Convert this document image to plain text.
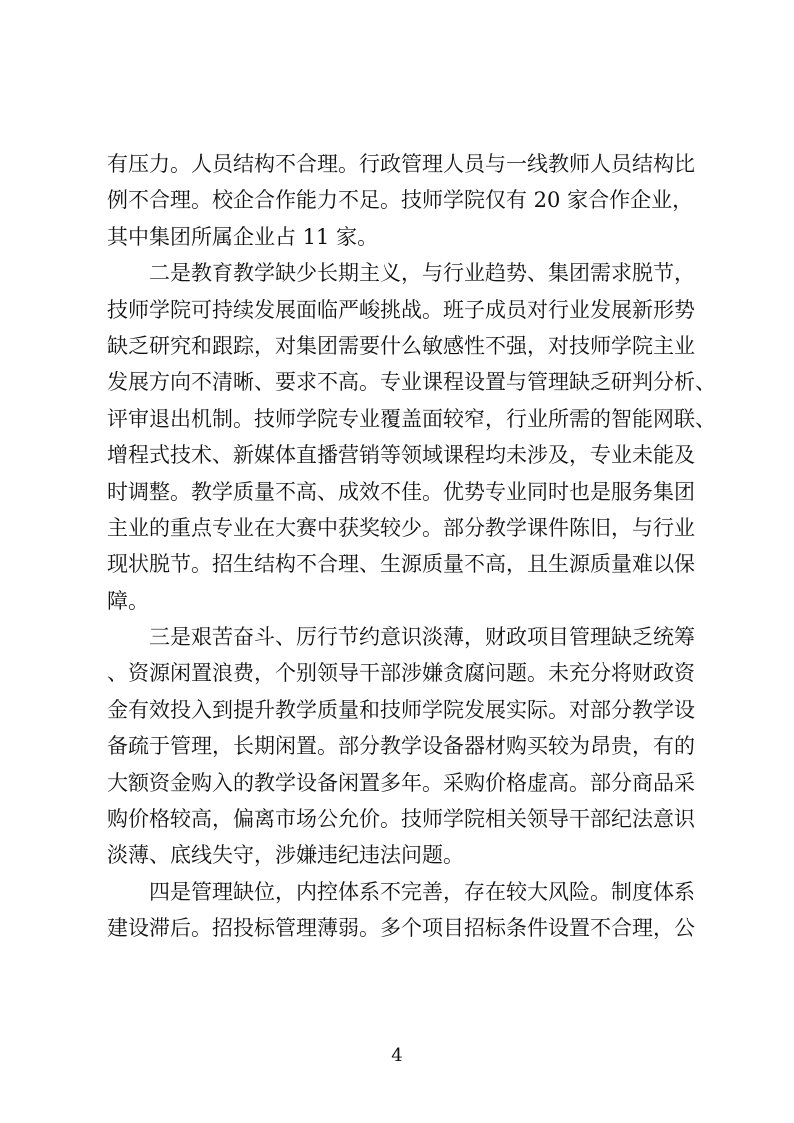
有压力。人员结构不合理。行政管理人员与一线教师人员结构比
例不合理。校企合作能力不足。技师学院仅有 20 家合作企业，
其中集团所属企业占 11 家。
二是教育教学缺少长期主义，与行业趋势、集团需求脱节，
技师学院可持续发展面临严峻挑战。班子成员对行业发展新形势
缺乏研究和跟踪，对集团需要什么敏感性不强，对技师学院主业
发展方向不清晰、要求不高。专业课程设置与管理缺乏研判分析、
评审退出机制。技师学院专业覆盖面较窄，行业所需的智能网联、
增程式技术、新媒体直播营销等领域课程均未涉及，专业未能及
时调整。教学质量不高、成效不佳。优势专业同时也是服务集团
主业的重点专业在大赛中获奖较少。部分教学课件陈旧，与行业
现状脱节。招生结构不合理、生源质量不高，且生源质量难以保
障。
三是艰苦奋斗、厉行节约意识淡薄，财政项目管理缺乏统筹
、资源闲置浪费，个别领导干部涉嫌贪腐问题。未充分将财政资
金有效投入到提升教学质量和技师学院发展实际。对部分教学设
备疏于管理，长期闲置。部分教学设备器材购买较为昂贵，有的
大额资金购入的教学设备闲置多年。采购价格虚高。部分商品采
购价格较高，偏离市场公允价。技师学院相关领导干部纪法意识
淡薄、底线失守，涉嫌违纪违法问题。
四是管理缺位，内控体系不完善，存在较大风险。制度体系
建设滞后。招投标管理薄弱。多个项目招标条件设置不合理，公
4
